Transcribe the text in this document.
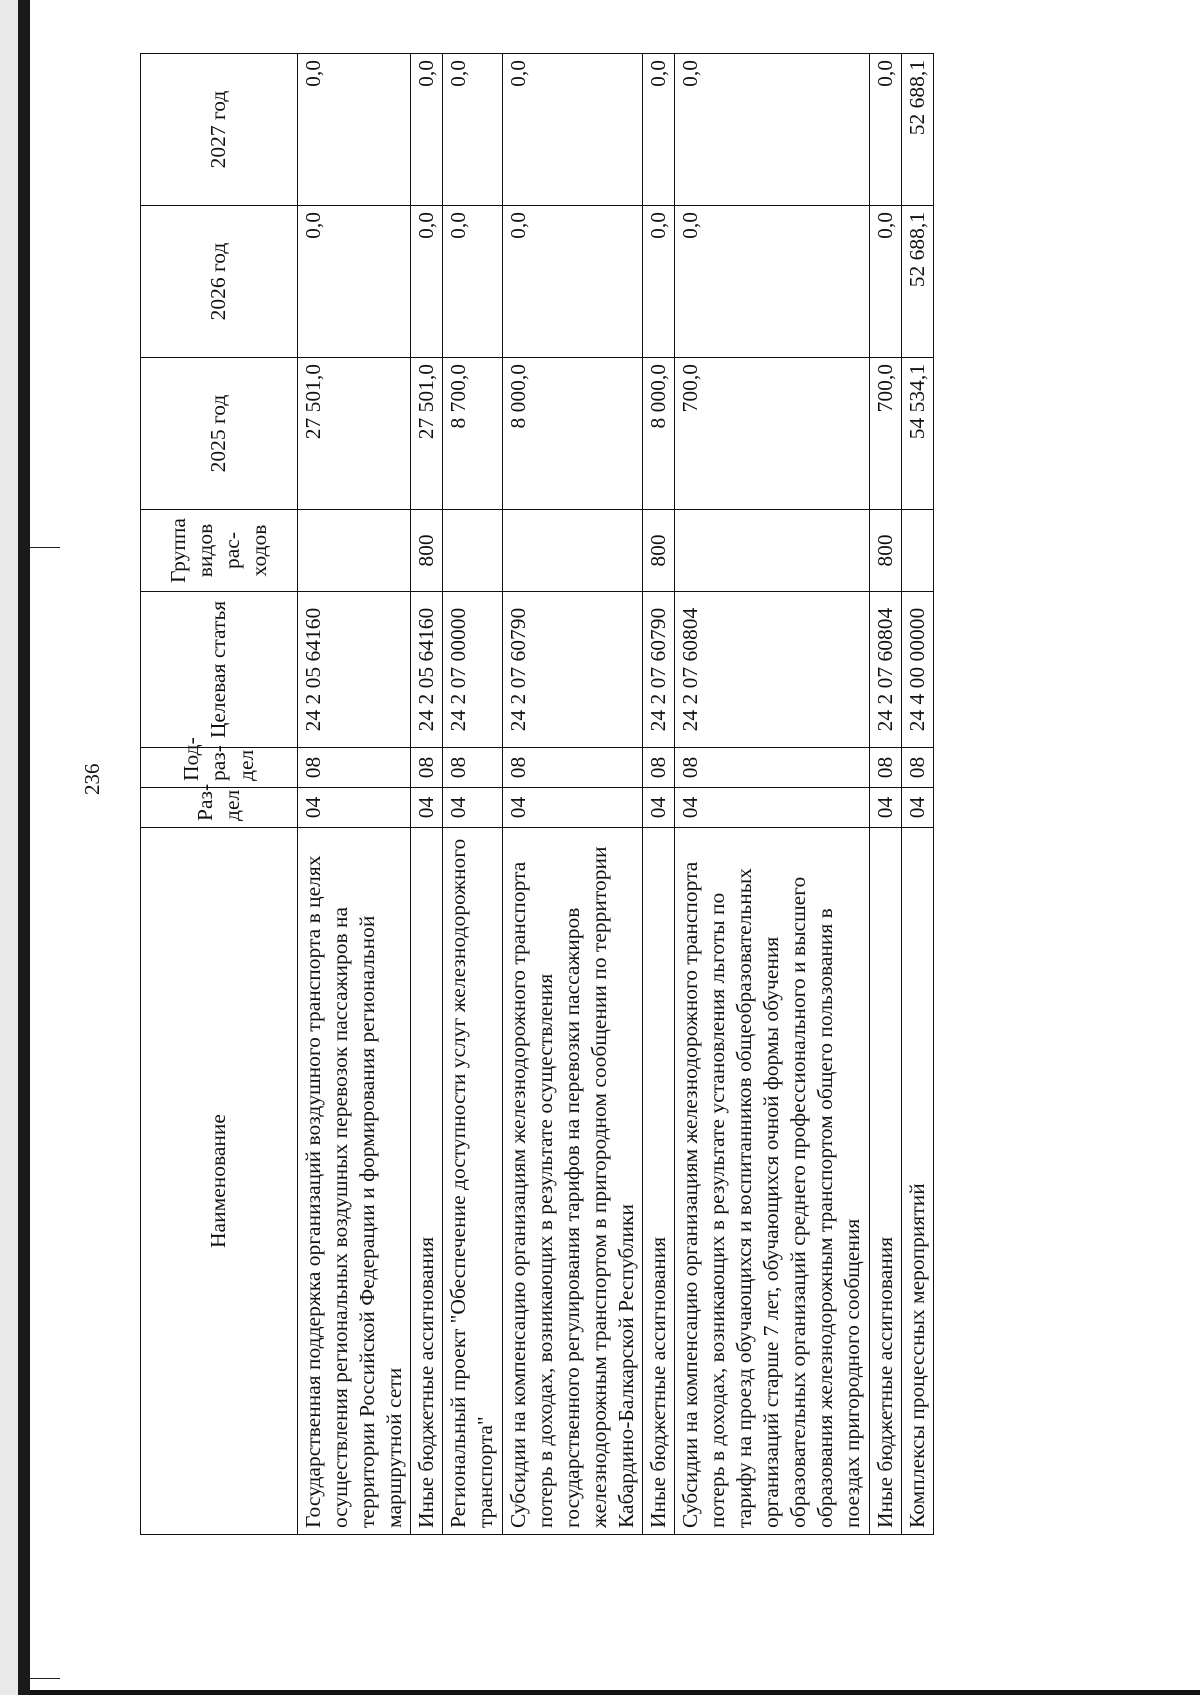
236
Наименование	Раз-дел	Под-раз-дел	Целевая статья	Группа видов рас-ходов	2025 год	2026 год	2027 год
Государственная поддержка организаций воздушного транспорта в целях осуществления региональных воздушных перевозок пассажиров на территории Российской Федерации и формирования региональной маршрутной сети	04	08	24 2 05 64160		27 501,0	0,0	0,0
Иные бюджетные ассигнования	04	08	24 2 05 64160	800	27 501,0	0,0	0,0
Региональный проект "Обеспечение доступности услуг железнодорожного транспорта"	04	08	24 2 07 00000		8 700,0	0,0	0,0
Субсидии на компенсацию организациям железнодорожного транспорта потерь в доходах, возникающих в результате осуществления государственного регулирования тарифов на перевозки пассажиров железнодорожным транспортом в пригородном сообщении по территории Кабардино-Балкарской Республики	04	08	24 2 07 60790		8 000,0	0,0	0,0
Иные бюджетные ассигнования	04	08	24 2 07 60790	800	8 000,0	0,0	0,0
Субсидии на компенсацию организациям железнодорожного транспорта потерь в доходах, возникающих в результате установления льготы по тарифу на проезд обучающихся и воспитанников общеобразовательных организаций старше 7 лет, обучающихся очной формы обучения образовательных организаций среднего профессионального и высшего образования железнодорожным транспортом общего пользования в поездах пригородного сообщения	04	08	24 2 07 60804		700,0	0,0	0,0
Иные бюджетные ассигнования	04	08	24 2 07 60804	800	700,0	0,0	0,0
Комплексы процессных мероприятий	04	08	24 4 00 00000		54 534,1	52 688,1	52 688,1
